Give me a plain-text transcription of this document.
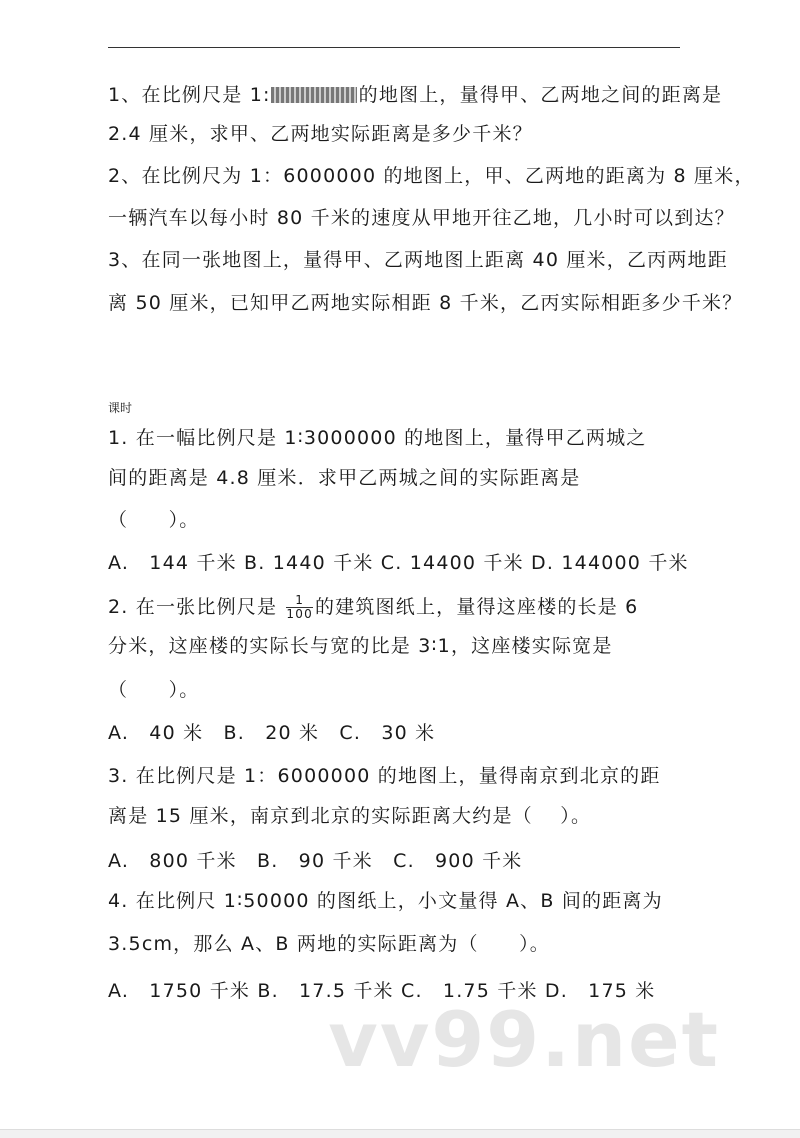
1、在比例尺是 1:	的地图上，量得甲、乙两地之间的距离是
2.4 厘米，求甲、乙两地实际距离是多少千米？
2、在比例尺为 1：6000000 的地图上，甲、乙两地的距离为 8 厘米，
一辆汽车以每小时 80 千米的速度从甲地开往乙地，几小时可以到达？
3、在同一张地图上，量得甲、乙两地图上距离 40 厘米，乙丙两地距
离 50 厘米，已知甲乙两地实际相距 8 千米，乙丙实际相距多少千米？
课时
1. 在一幅比例尺是 1∶3000000 的地图上，量得甲乙两城之
间的距离是 4.8 厘米．求甲乙两城之间的实际距离是
（　　）。
A.　144 千米 B. 1440 千米 C. 14400 千米 D. 144000 千米
2. 在一张比例尺是 $\frac{1}{100}$ 的建筑图纸上，量得这座楼的长是 6
分米，这座楼的实际长与宽的比是 3∶1，这座楼实际宽是
（　　）。
A.　40 米　B.　20 米　C.　30 米
3. 在比例尺是 1：6000000 的地图上，量得南京到北京的距
离是 15 厘米，南京到北京的实际距离大约是（　 ）。
A.　800 千米　B.　90 千米　C.　900 千米
4. 在比例尺 1∶50000 的图纸上，小文量得 A、B 间的距离为
3.5cm，那么 A、B 两地的实际距离为（　　）。
A.　1750 千米 B.　17.5 千米 C.　1.75 千米 D.　175 米
vv99.net
